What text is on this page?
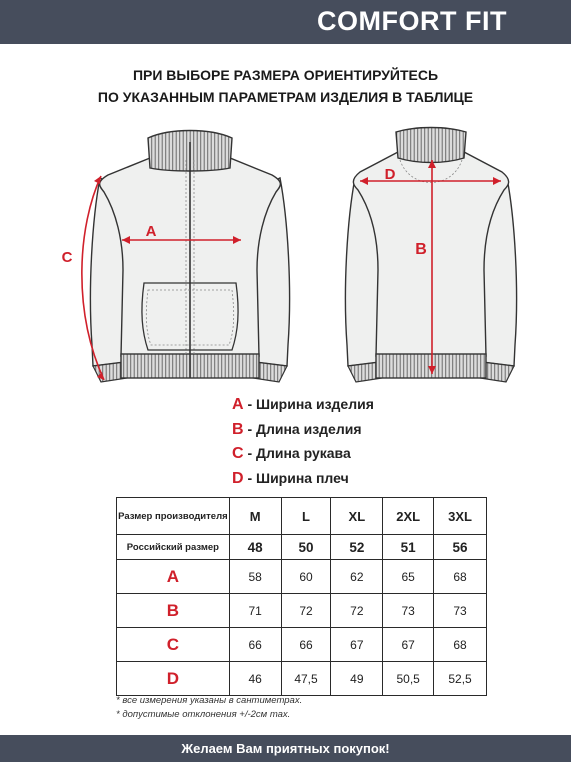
COMFORT FIT
ПРИ ВЫБОРЕ РАЗМЕРА ОРИЕНТИРУЙТЕСЬ
ПО УКАЗАННЫМ ПАРАМЕТРАМ ИЗДЕЛИЯ В ТАБЛИЦЕ
A
C
D
B
A - Ширина изделия
B - Длина изделия
C - Длина рукава
D - Ширина плеч
Размер производителя	M	L	XL	2XL	3XL
Российский размер	48	50	52	51	56
A	58	60	62	65	68
B	71	72	72	73	73
C	66	66	67	67	68
D	46	47,5	49	50,5	52,5
* все измерения указаны в сантиметрах.
* допустимые отклонения +/-2см тах.
Желаем Вам приятных покупок!
